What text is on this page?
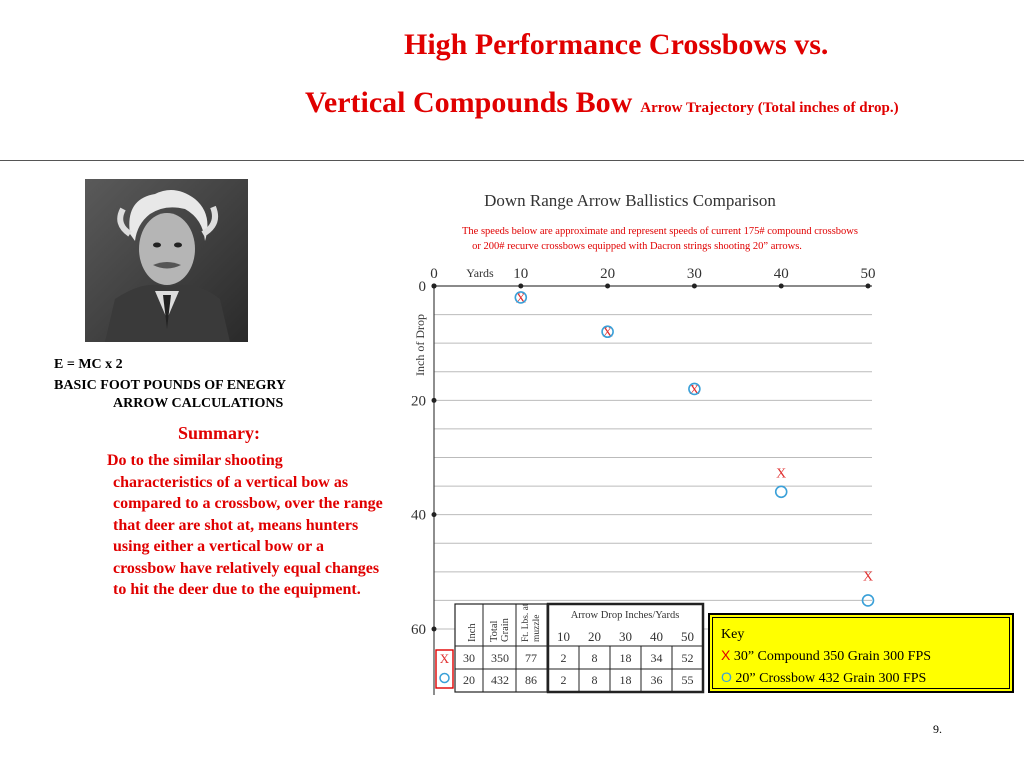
High Performance Crossbows vs.
Vertical Compounds Bow Arrow Trajectory (Total inches of drop.)
E = MC x 2
BASIC FOOT POUNDS OF ENEGRY
ARROW CALCULATIONS
Summary:
Do to the similar shooting characteristics of a vertical bow as compared to a crossbow, over the range that deer are shot at, means hunters using either a vertical bow or a crossbow have relatively equal changes to hit the deer due to the equipment.
Down Range Arrow Ballistics Comparison
The speeds below are approximate and represent speeds of current 175# compound crossbows
or 200# recurve crossbows equipped with Dacron strings shooting 20” arrows.
Yards
Inch of Drop
0	10	20	30	40	50
0
20
40
60
X
X
X
X
X
Arrow Drop Inches/Yards
Inch Total Grain Ft. Lbs. at muzzle 10 20 30 40 50
30 350 77 2 8 18 34 52
20 432 86 2 8 18 36 55
X
Key
X 30” Compound 350 Grain 300 FPS
O 20” Crossbow 432 Grain 300 FPS
9.
